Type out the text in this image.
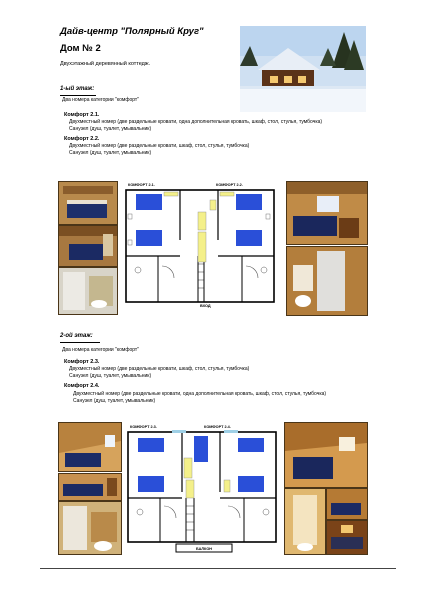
Дайв-центр "Полярный Круг"
Дом № 2
Двухэтажный деревянный коттедж.
1-ый этаж:
Два номера категории "комфорт"
Комфорт 2.1.
Двухместный номер (две раздельные кровати, одна дополнительная кровать, шкаф, стол, стулья, тумбочка)
Санузел (душ, туалет, умывальник)
Комфорт 2.2.
Двухместный номер (две раздельные кровати, шкаф, стол, стулья, тумбочка)
Санузел (душ, туалет, умывальник)
КОМФОРТ 2.1.	КОМФОРТ 2.2.
ВХОД
2-ой этаж:
Два номера категории "комфорт"
Комфорт 2.3.
Двухместный номер (две раздельные кровати, шкаф, стол, стулья, тумбочка)
Санузел (душ, туалет, умывальник)
Комфорт 2.4.
Двухместный номер (две раздельные кровати, одна дополнительная кровать, шкаф, стол, стулья, тумбочка)
Санузел (душ, туалет, умывальник)
КОМФОРТ 2.3.	КОМФОРТ 2.4.
БАЛКОН
